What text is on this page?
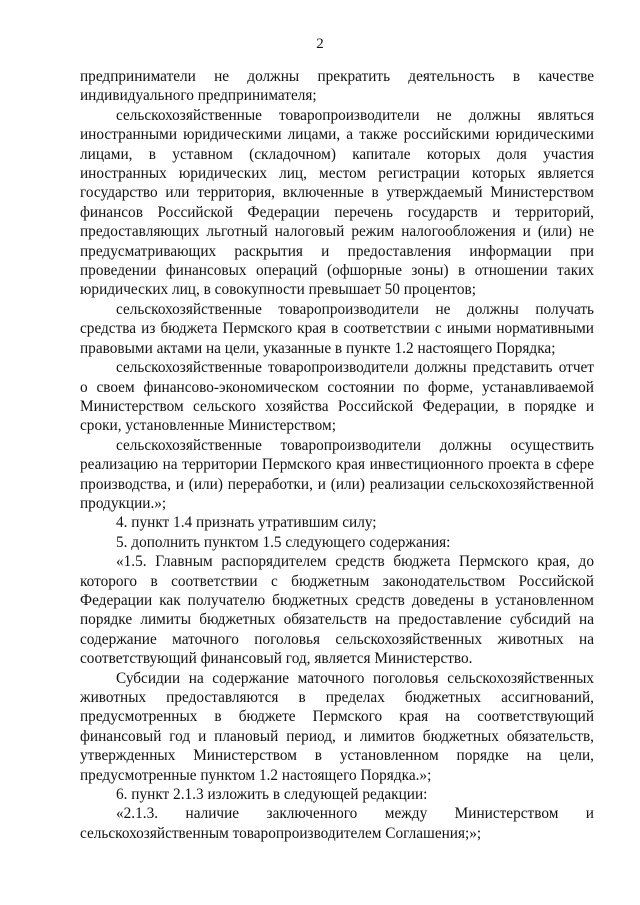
2

предприниматели не должны прекратить деятельность в качестве индивидуального предпринимателя;

сельскохозяйственные товаропроизводители не должны являться иностранными юридическими лицами, а также российскими юридическими лицами, в уставном (складочном) капитале которых доля участия иностранных юридических лиц, местом регистрации которых является государство или территория, включенные в утверждаемый Министерством финансов Российской Федерации перечень государств и территорий, предоставляющих льготный налоговый режим налогообложения и (или) не предусматривающих раскрытия и предоставления информации при проведении финансовых операций (офшорные зоны) в отношении таких юридических лиц, в совокупности превышает 50 процентов;

сельскохозяйственные товаропроизводители не должны получать средства из бюджета Пермского края в соответствии с иными нормативными правовыми актами на цели, указанные в пункте 1.2 настоящего Порядка;

сельскохозяйственные товаропроизводители должны представить отчет о своем финансово-экономическом состоянии по форме, устанавливаемой Министерством сельского хозяйства Российской Федерации, в порядке и сроки, установленные Министерством;

сельскохозяйственные товаропроизводители должны осуществить реализацию на территории Пермского края инвестиционного проекта в сфере производства, и (или) переработки, и (или) реализации сельскохозяйственной продукции.»;

4. пункт 1.4 признать утратившим силу;

5. дополнить пунктом 1.5 следующего содержания:

«1.5. Главным распорядителем средств бюджета Пермского края, до которого в соответствии с бюджетным законодательством Российской Федерации как получателю бюджетных средств доведены в установленном порядке лимиты бюджетных обязательств на предоставление субсидий на содержание маточного поголовья сельскохозяйственных животных на соответствующий финансовый год, является Министерство.

Субсидии на содержание маточного поголовья сельскохозяйственных животных предоставляются в пределах бюджетных ассигнований, предусмотренных в бюджете Пермского края на соответствующий финансовый год и плановый период, и лимитов бюджетных обязательств, утвержденных Министерством в установленном порядке на цели, предусмотренные пунктом 1.2 настоящего Порядка.»;

6. пункт 2.1.3 изложить в следующей редакции:

«2.1.3. наличие заключенного между Министерством и сельскохозяйственным товаропроизводителем Соглашения;»;
